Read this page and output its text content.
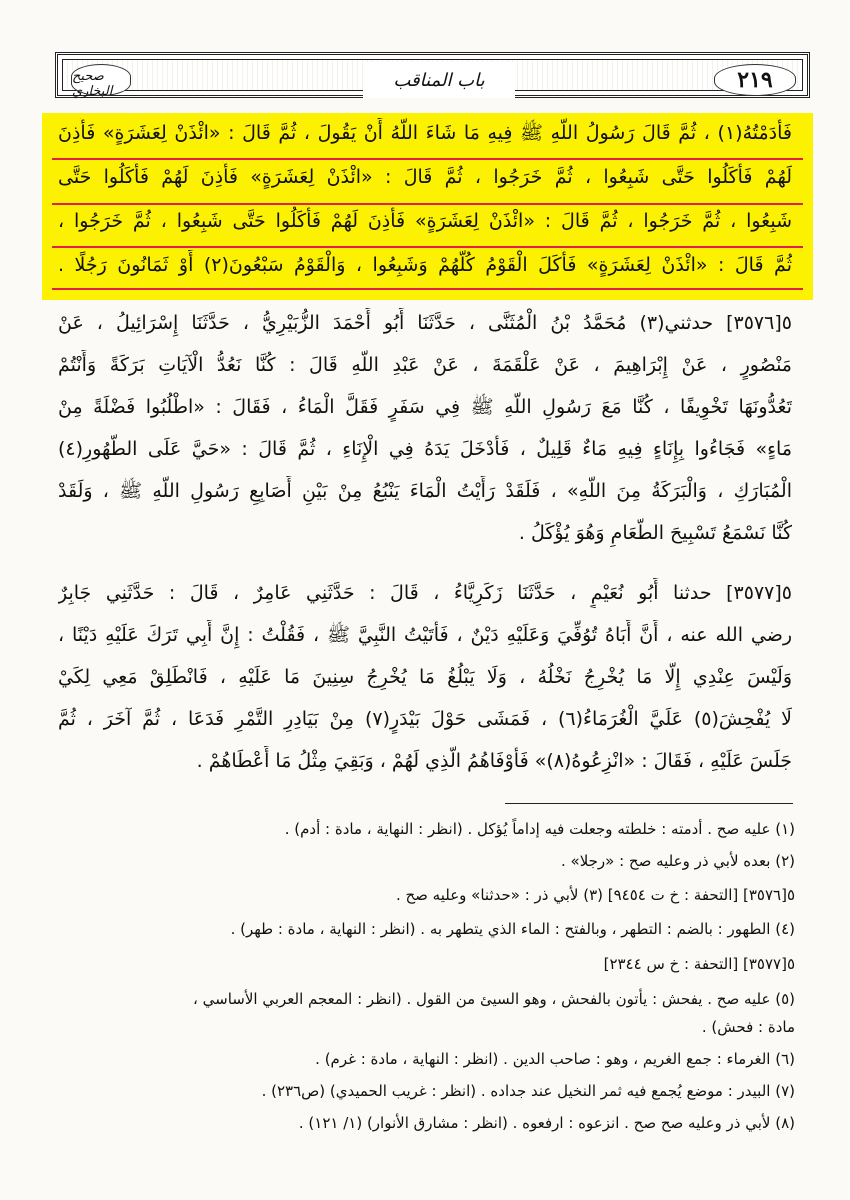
صحيح البخاري
باب المناقب	٢١٩
فَأَدَمْتُهُ(١) ، ثُمَّ قَالَ رَسُولُ اللَّهِ ﷺ فِيهِ مَا شَاءَ اللَّهُ أَنْ يَقُولَ ، ثُمَّ قَالَ : «ائْذَنْ لِعَشَرَةٍ» فَأَذِنَ
لَهُمْ فَأَكَلُوا حَتَّى شَبِعُوا ، ثُمَّ خَرَجُوا ، ثُمَّ قَالَ : «ائْذَنْ لِعَشَرَةٍ» فَأَذِنَ لَهُمْ فَأَكَلُوا حَتَّى
شَبِعُوا ، ثُمَّ خَرَجُوا ، ثُمَّ قَالَ : «ائْذَنْ لِعَشَرَةٍ» فَأَذِنَ لَهُمْ فَأَكَلُوا حَتَّى شَبِعُوا ، ثُمَّ خَرَجُوا ،
ثُمَّ قَالَ : «ائْذَنْ لِعَشَرَةٍ» فَأَكَلَ الْقَوْمُ كُلُّهُمْ وَشَبِعُوا ، وَالْقَوْمُ سَبْعُونَ(٢) أَوْ ثَمَانُونَ رَجُلًا .
٥[٣٥٧٦] حدثني(٣) مُحَمَّدُ بْنُ الْمُثَنَّى ، حَدَّثَنَا أَبُو أَحْمَدَ الزُّبَيْرِيُّ ، حَدَّثَنَا إِسْرَائِيلُ ، عَنْ
مَنْصُورٍ ، عَنْ إِبْرَاهِيمَ ، عَنْ عَلْقَمَةَ ، عَنْ عَبْدِ اللَّهِ قَالَ : كُنَّا نَعُدُّ الْآيَاتِ بَرَكَةً وَأَنْتُمْ
تَعُدُّونَهَا تَخْوِيفًا ، كُنَّا مَعَ رَسُولِ اللَّهِ ﷺ فِي سَفَرٍ فَقَلَّ الْمَاءُ ، فَقَالَ : «اطْلُبُوا فَضْلَةً مِنْ
مَاءٍ» فَجَاءُوا بِإِنَاءٍ فِيهِ مَاءٌ قَلِيلٌ ، فَأَدْخَلَ يَدَهُ فِي الْإِنَاءِ ، ثُمَّ قَالَ : «حَيَّ عَلَى الطَّهُورِ(٤)
الْمُبَارَكِ ، وَالْبَرَكَةُ مِنَ اللَّهِ» ، فَلَقَدْ رَأَيْتُ الْمَاءَ يَنْبُعُ مِنْ بَيْنِ أَصَابِعِ رَسُولِ اللَّهِ ﷺ ، وَلَقَدْ
كُنَّا نَسْمَعُ تَسْبِيحَ الطَّعَامِ وَهُوَ يُؤْكَلُ .
٥[٣٥٧٧] حدثنا أَبُو نُعَيْمٍ ، حَدَّثَنَا زَكَرِيَّاءُ ، قَالَ : حَدَّثَنِي عَامِرٌ ، قَالَ : حَدَّثَنِي جَابِرٌ
رضي الله عنه ، أَنَّ أَبَاهُ تُوُفِّيَ وَعَلَيْهِ دَيْنٌ ، فَأَتَيْتُ النَّبِيَّ ﷺ ، فَقُلْتُ : إِنَّ أَبِي تَرَكَ عَلَيْهِ دَيْنًا ،
وَلَيْسَ عِنْدِي إِلَّا مَا يُخْرِجُ نَخْلُهُ ، وَلَا يَبْلُغُ مَا يُخْرِجُ سِنِينَ مَا عَلَيْهِ ، فَانْطَلِقْ مَعِي لِكَيْ
لَا يُفْحِشَ(٥) عَلَيَّ الْغُرَمَاءُ(٦) ، فَمَشَى حَوْلَ بَيْدَرٍ(٧) مِنْ بَيَادِرِ التَّمْرِ فَدَعَا ، ثُمَّ آخَرَ ، ثُمَّ
جَلَسَ عَلَيْهِ ، فَقَالَ : «انْزِعُوهُ(٨)» فَأَوْفَاهُمُ الَّذِي لَهُمْ ، وَبَقِيَ مِثْلُ مَا أَعْطَاهُمْ .
(١) عليه صح . أدمته : خلطته وجعلت فيه إداماً يُؤكل . (انظر : النهاية ، مادة : أدم) .
(٢) بعده لأبي ذر وعليه صح : «رجلا» .
٥[٣٥٧٦] [التحفة : خ ت ٩٤٥٤] (٣) لأبي ذر : «حدثنا» وعليه صح .
(٤) الطهور : بالضم : التطهر ، وبالفتح : الماء الذي يتطهر به . (انظر : النهاية ، مادة : طهر) .
٥[٣٥٧٧] [التحفة : خ س ٢٣٤٤]
(٥) عليه صح . يفحش : يأتون بالفحش ، وهو السيئ من القول . (انظر : المعجم العربي الأساسي ،
مادة : فحش) .
(٦) الغرماء : جمع الغريم ، وهو : صاحب الدين . (انظر : النهاية ، مادة : غرم) .
(٧) البيدر : موضع يُجمع فيه ثمر النخيل عند جداده . (انظر : غريب الحميدي) (ص٢٣٦) .
(٨) لأبي ذر وعليه صح صح . انزعوه : ارفعوه . (انظر : مشارق الأنوار) (١/ ١٢١) .
